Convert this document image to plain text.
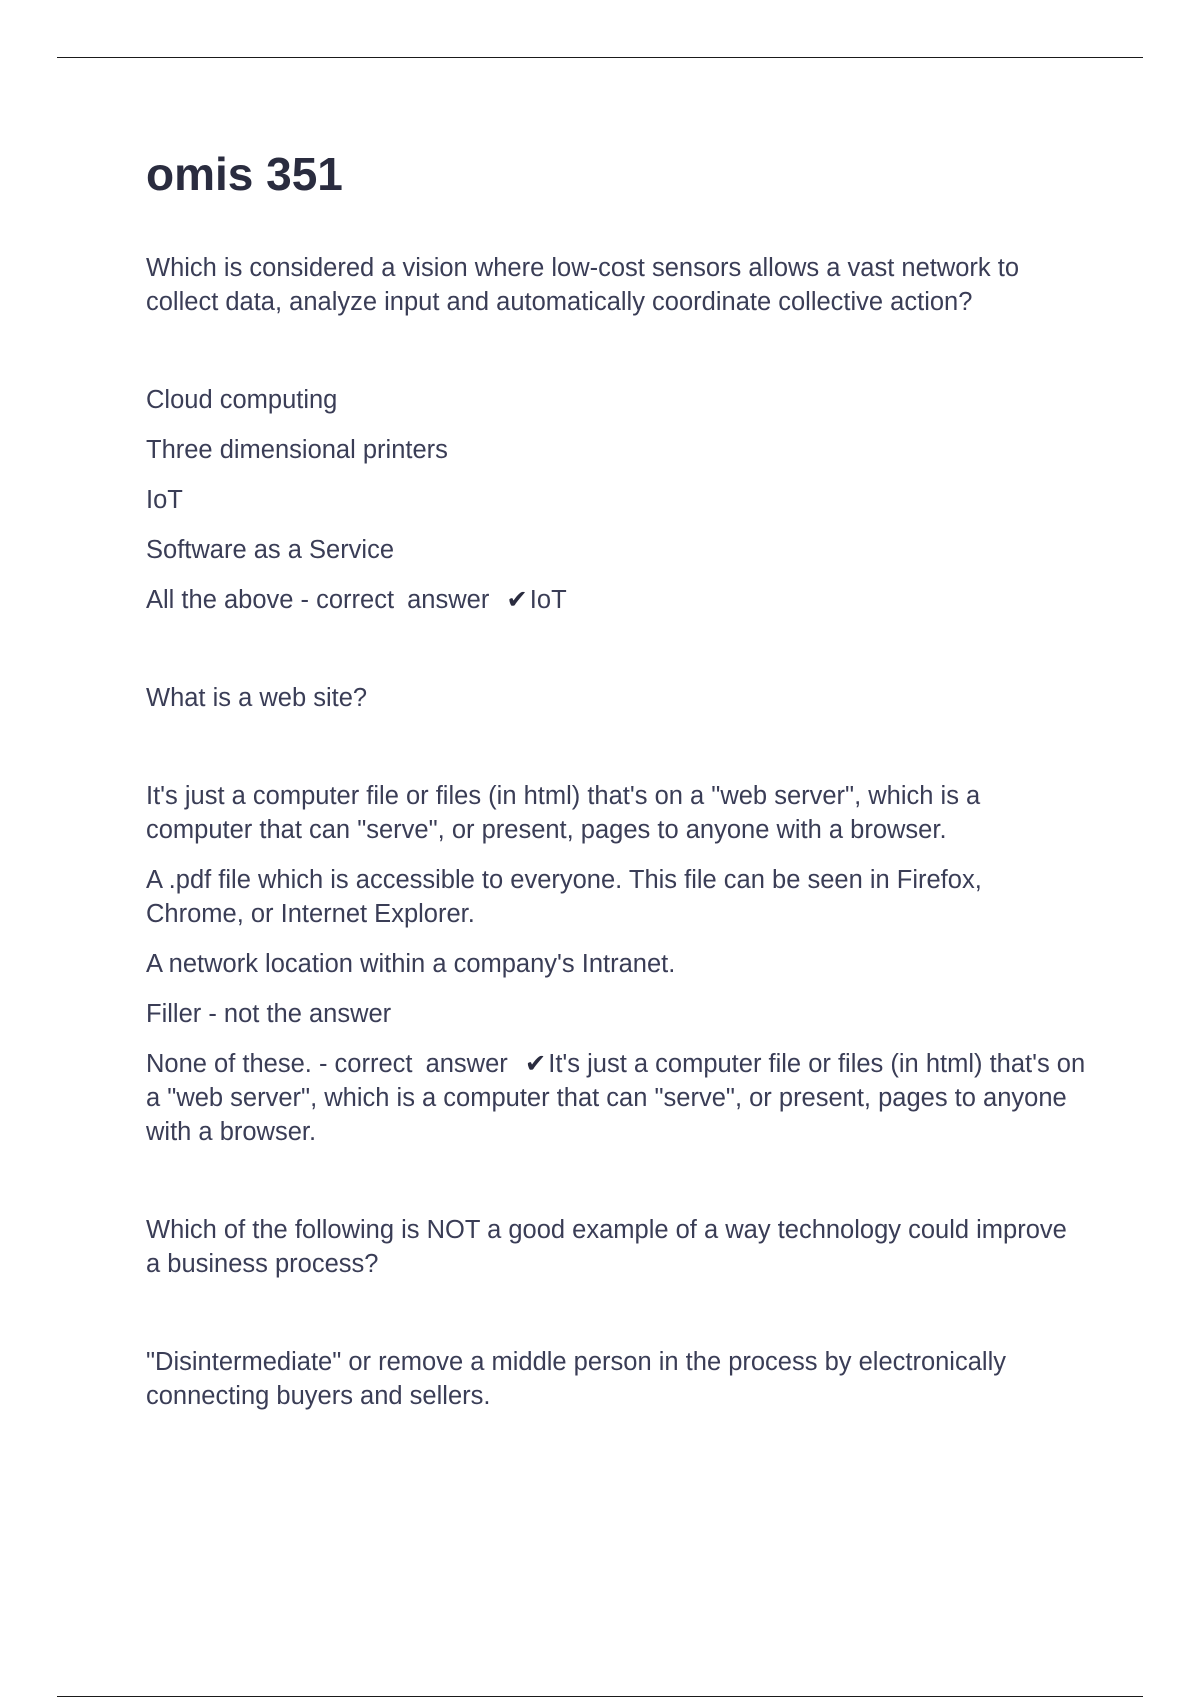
omis 351

Which is considered a vision where low-cost sensors allows a vast network to collect data, analyze input and automatically coordinate collective action?

Cloud computing
Three dimensional printers
IoT
Software as a Service
All the above - correct answer ✔IoT

What is a web site?

It's just a computer file or files (in html) that's on a "web server", which is a computer that can "serve", or present, pages to anyone with a browser.
A .pdf file which is accessible to everyone. This file can be seen in Firefox, Chrome, or Internet Explorer.
A network location within a company's Intranet.
Filler - not the answer
None of these. - correct answer ✔It's just a computer file or files (in html) that's on a "web server", which is a computer that can "serve", or present, pages to anyone with a browser.

Which of the following is NOT a good example of a way technology could improve a business process?

"Disintermediate" or remove a middle person in the process by electronically connecting buyers and sellers.
